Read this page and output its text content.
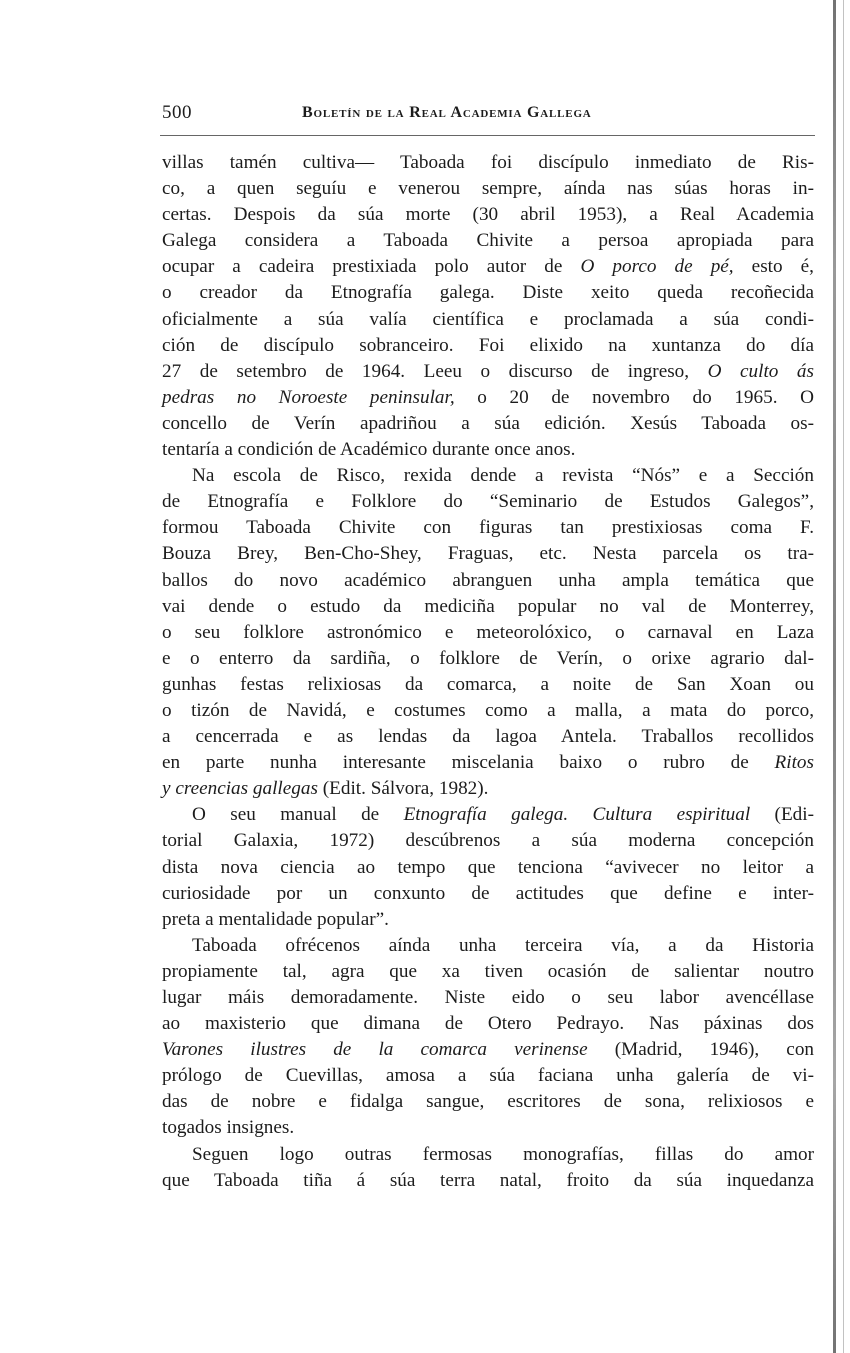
500	Boletín de la Real Academia Gallega

villas tamén cultiva— Taboada foi discípulo inmediato de Ris-
co, a quen seguíu e venerou sempre, aínda nas súas horas in-
certas. Despois da súa morte (30 abril 1953), a Real Academia
Galega considera a Taboada Chivite a persoa apropiada para
ocupar a cadeira prestixiada polo autor de O porco de pé, esto é,
o creador da Etnografía galega. Diste xeito queda recoñecida
oficialmente a súa valía científica e proclamada a súa condi-
ción de discípulo sobranceiro. Foi elixido na xuntanza do día
27 de setembro de 1964. Leeu o discurso de ingreso, O culto ás
pedras no Noroeste peninsular, o 20 de novembro do 1965. O
concello de Verín apadriñou a súa edición. Xesús Taboada os-
tentaría a condición de Académico durante once anos.

Na escola de Risco, rexida dende a revista “Nós” e a Sección
de Etnografía e Folklore do “Seminario de Estudos Galegos”,
formou Taboada Chivite con figuras tan prestixiosas coma F.
Bouza Brey, Ben-Cho-Shey, Fraguas, etc. Nesta parcela os tra-
ballos do novo académico abranguen unha ampla temática que
vai dende o estudo da mediciña popular no val de Monterrey,
o seu folklore astronómico e meteorolóxico, o carnaval en Laza
e o enterro da sardiña, o folklore de Verín, o orixe agrario dal-
gunhas festas relixiosas da comarca, a noite de San Xoan ou
o tizón de Navidá, e costumes como a malla, a mata do porco,
a cencerrada e as lendas da lagoa Antela. Traballos recollidos
en parte nunha interesante miscelania baixo o rubro de Ritos
y creencias gallegas (Edit. Sálvora, 1982).

O seu manual de Etnografía galega. Cultura espiritual (Edi-
torial Galaxia, 1972) descúbrenos a súa moderna concepción
dista nova ciencia ao tempo que tenciona “avivecer no leitor a
curiosidade por un conxunto de actitudes que define e inter-
preta a mentalidade popular”.

Taboada ofrécenos aínda unha terceira vía, a da Historia
propiamente tal, agra que xa tiven ocasión de salientar noutro
lugar máis demoradamente. Niste eido o seu labor avencéllase
ao maxisterio que dimana de Otero Pedrayo. Nas páxinas dos
Varones ilustres de la comarca verinense (Madrid, 1946), con
prólogo de Cuevillas, amosa a súa faciana unha galería de vi-
das de nobre e fidalga sangue, escritores de sona, relixiosos e
togados insignes.

Seguen logo outras fermosas monografías, fillas do amor
que Taboada tiña á súa terra natal, froito da súa inquedanza
